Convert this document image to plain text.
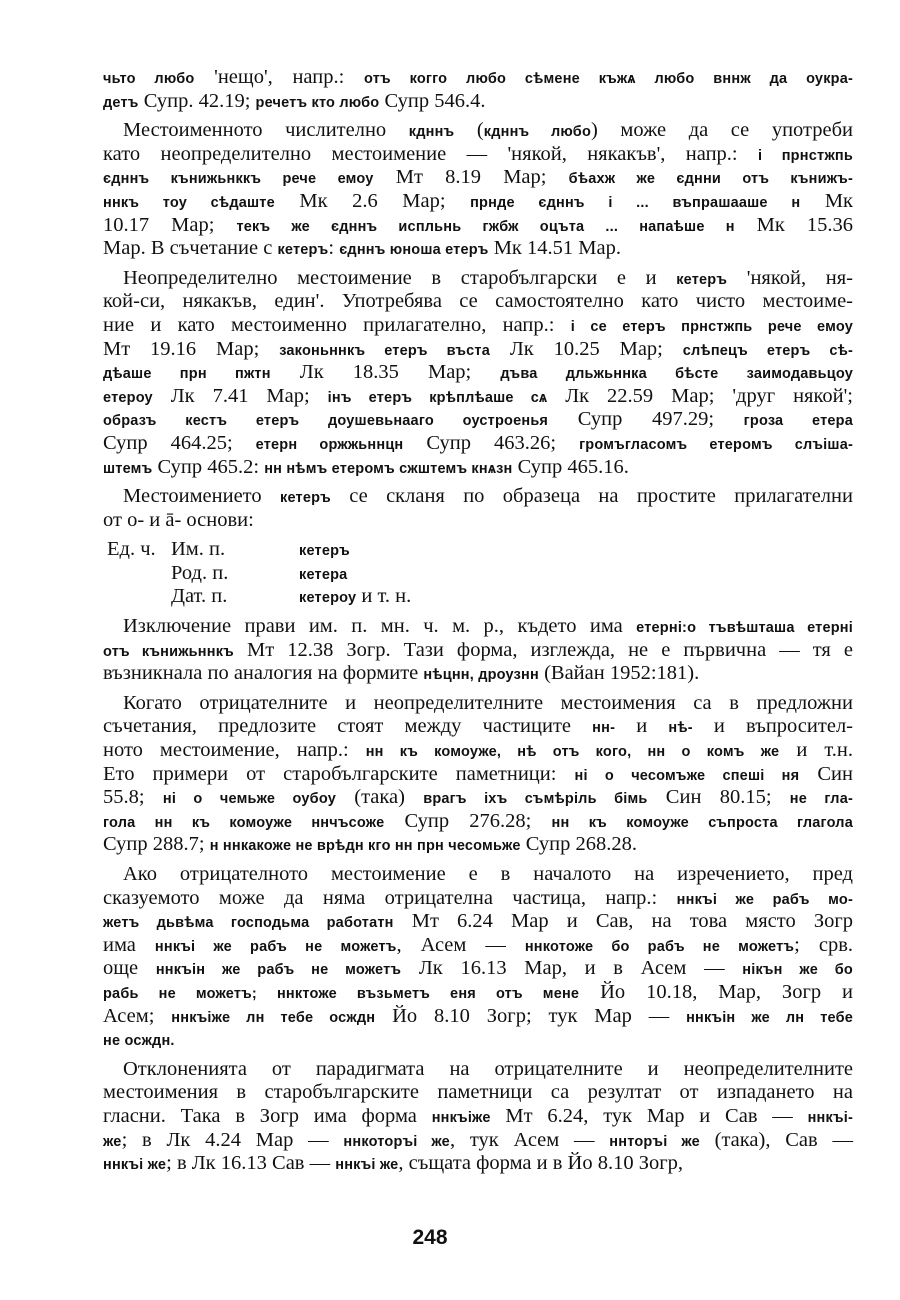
чьто любо 'нещо', напр.: отъ когго любо сѣмене къжѧ любо вннж да оукра-
детъ Супр. 42.19; речетъ кто любо Супр 546.4.
Местоименното числително кдннъ (кдннъ любо) може да се употреби
като неопределително местоимение — 'някой, някакъв', напр.: і прнстжпь
єдннъ кънижьнккъ рече емоу Мт 8.19 Мар; бѣахж же єднни отъ кънижъ-
ннкъ тоу сѣдаште Мк 2.6 Мар; прнде єдннъ і ... въпрашааше н Мк
10.17 Мар; текъ же єдннъ испльнь гжбж оцъта ... напаѣше н Мк 15.36
Мар. В съчетание с кетеръ: єдннъ юноша етеръ Мк 14.51 Мар.
Неопределително местоимение в старобългарски е и кетеръ 'някой, ня-
кой-си, някакъв, един'. Употребява се самостоятелно като чисто местоиме-
ние и като местоименно прилагателно, напр.: і се етеръ прнстжпь рече емоу
Мт 19.16 Мар; законьннкъ етеръ въста Лк 10.25 Мар; слѣпецъ етеръ сѣ-
дѣаше прн пжтн Лк 18.35 Мар; дъва дльжьннка бѣсте заимодавьцоу
етероу Лк 7.41 Мар; інъ етеръ крѣплѣаше сѧ Лк 22.59 Мар; 'друг някой';
образъ кестъ етеръ доушевьнааго оустроенья Супр 497.29; гроза етера
Супр 464.25; етерн оржжьннцн Супр 463.26; громъгласомъ етеромъ слъіша-
штемъ Супр 465.2: нн нѣмъ етеромъ сжштемъ кнѧзн Супр 465.16.
Местоимението кетеръ се скланя по образеца на простите прилагателни
от о- и ā- основи:
Ед. ч. Им. п.	кетеръ
Род. п.	кетера
Дат. п.	кетероу и т. н.
Изключение прави им. п. мн. ч. м. р., където има етерні:о тъвѣшташа етерні
отъ кънижьннкъ Мт 12.38 Зогр. Тази форма, изглежда, не е първична — тя е
възникнала по аналогия на формите нѣцнн, дроузнн (Вайан 1952:181).
Когато отрицателните и неопределителните местоимения са в предложни
съчетания, предлозите стоят между частиците нн- и нѣ- и въпросител-
ното местоимение, напр.: нн къ комоуже, нѣ отъ кого, нн о комъ же и т.н.
Ето примери от старобългарските паметници: ні о чесомъже спеші ня Син
55.8; ні о чемьже оубоу (така) врагъ іхъ съмѣріль бімь Син 80.15; не гла-
гола нн къ комоуже ннчъсоже Супр 276.28; нн къ комоуже съпроста глагола
Супр 288.7; н ннкакоже не врѣдн кго нн прн чесомьже Супр 268.28.
Ако отрицателното местоимение е в началото на изречението, пред
сказуемото може да няма отрицателна частица, напр.: ннкъі же рабъ мо-
жетъ дьвѣма господьма работатн Мт 6.24 Мар и Сав, на това място Зогр
има ннкъі же рабъ не можетъ, Асем — ннкотоже бо рабъ не можетъ; срв.
още ннкъін же рабъ не можетъ Лк 16.13 Мар, и в Асем — нікън же бо
рабь не можетъ; ннктоже възьметъ еня отъ мене Йо 10.18, Мар, Зогр и
Асем; ннкъіже лн тебе осждн Йо 8.10 Зогр; тук Мар — ннкъін же лн тебе
не осждн.
Отклоненията от парадигмата на отрицателните и неопределителните
местоимения в старобългарските паметници са резултат от изпадането на
гласни. Така в Зогр има форма ннкъіже Мт 6.24, тук Мар и Сав — ннкъі-
же; в Лк 4.24 Мар — ннкоторъі же, тук Асем — ннторъі же (така), Сав —
ннкъі же; в Лк 16.13 Сав — ннкъі же, същата форма и в Йо 8.10 Зогр,
248
